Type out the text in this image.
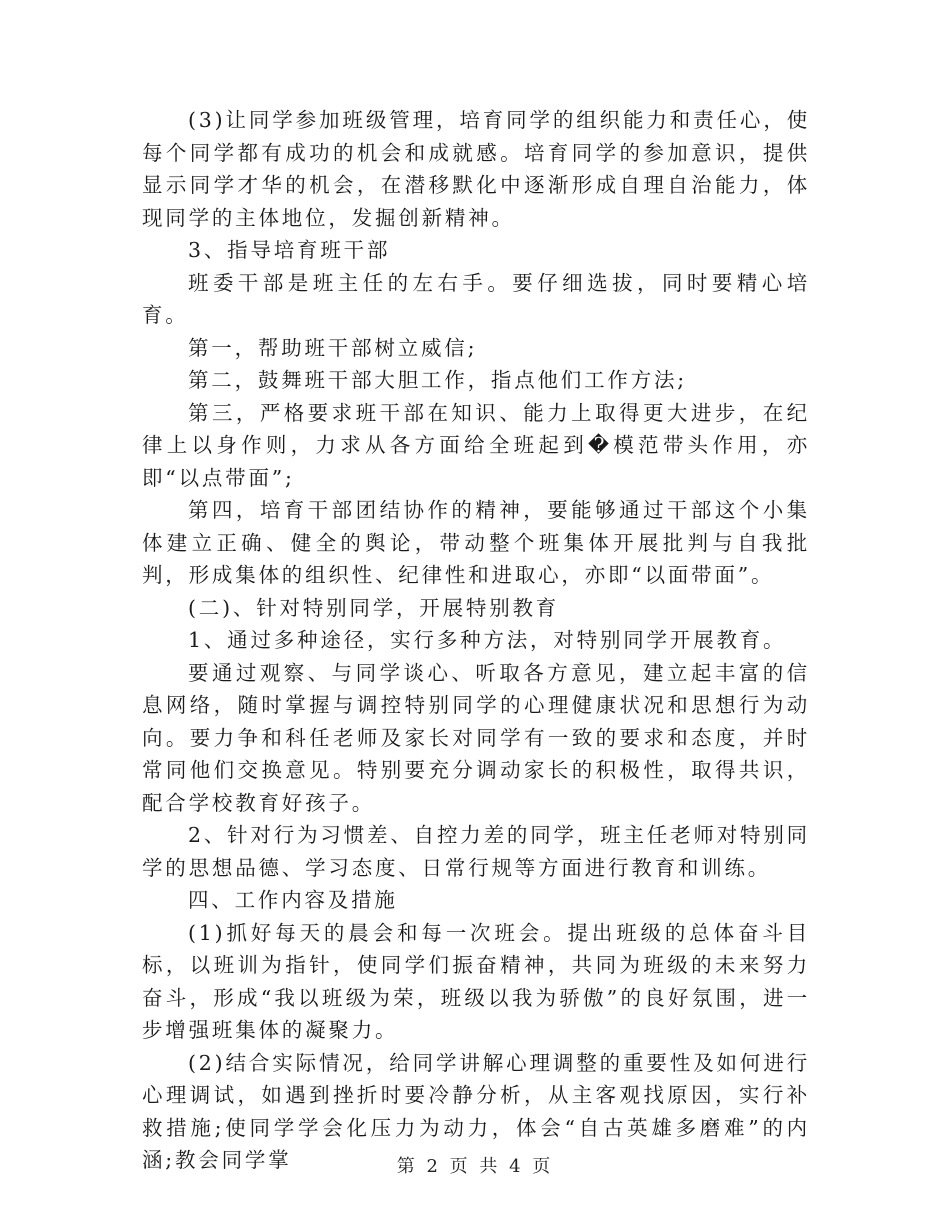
(3)让同学参加班级管理，培育同学的组织能力和责任心，使每个同学都有成功的机会和成就感。培育同学的参加意识，提供显示同学才华的机会，在潜移默化中逐渐形成自理自治能力，体现同学的主体地位，发掘创新精神。

3、指导培育班干部

班委干部是班主任的左右手。要仔细选拔，同时要精心培育。

第一，帮助班干部树立威信;

第二，鼓舞班干部大胆工作，指点他们工作方法;

第三，严格要求班干部在知识、能力上取得更大进步，在纪律上以身作则，力求从各方面给全班起到�模范带头作用，亦即“以点带面”;

第四，培育干部团结协作的精神，要能够通过干部这个小集体建立正确、健全的舆论，带动整个班集体开展批判与自我批判，形成集体的组织性、纪律性和进取心，亦即“以面带面”。

(二)、针对特别同学，开展特别教育

1、通过多种途径，实行多种方法，对特别同学开展教育。

要通过观察、与同学谈心、听取各方意见，建立起丰富的信息网络，随时掌握与调控特别同学的心理健康状况和思想行为动向。要力争和科任老师及家长对同学有一致的要求和态度，并时常同他们交换意见。特别要充分调动家长的积极性，取得共识，配合学校教育好孩子。

2、针对行为习惯差、自控力差的同学，班主任老师对特别同学的思想品德、学习态度、日常行规等方面进行教育和训练。

四、工作内容及措施

(1)抓好每天的晨会和每一次班会。提出班级的总体奋斗目标，以班训为指针，使同学们振奋精神，共同为班级的未来努力奋斗，形成“我以班级为荣，班级以我为骄傲”的良好氛围，进一步增强班集体的凝聚力。

(2)结合实际情况，给同学讲解心理调整的重要性及如何进行心理调试，如遇到挫折时要冷静分析，从主客观找原因，实行补救措施;使同学学会化压力为动力，体会“自古英雄多磨难”的内涵;教会同学掌	第 2 页 共 4 页
